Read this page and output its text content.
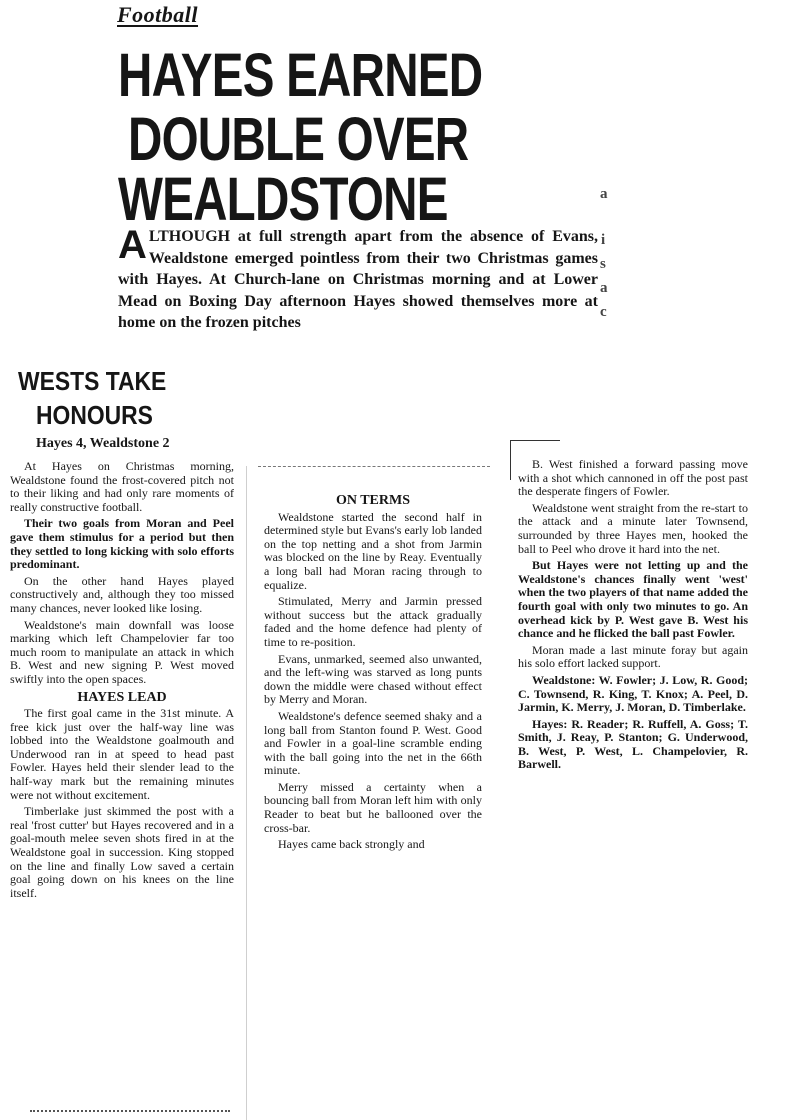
Football
HAYES EARNED
DOUBLE OVER
WEALDSTONE
ALTHOUGH at full strength apart from the absence of Evans, Wealdstone emerged pointless from their two Christmas games with Hayes. At Church-lane on Christmas morning and at Lower Mead on Boxing Day afternoon Hayes showed themselves more at home on the frozen pitches
a
i
s
a
c
WESTS TAKE
HONOURS
Hayes 4, Wealdstone 2

At Hayes on Christmas morning, Wealdstone found the frost-covered pitch not to their liking and had only rare moments of really constructive football.

Their two goals from Moran and Peel gave them stimulus for a period but then they settled to long kicking with solo efforts predominant.

On the other hand Hayes played constructively and, although they too missed many chances, never looked like losing.

Wealdstone's main downfall was loose marking which left Champelovier far too much room to manipulate an attack in which B. West and new signing P. West moved swiftly into the open spaces.

HAYES LEAD

The first goal came in the 31st minute. A free kick just over the half-way line was lobbed into the Wealdstone goalmouth and Underwood ran in at speed to head past Fowler. Hayes held their slender lead to the half-way mark but the remaining minutes were not without excitement.

Timberlake just skimmed the post with a real 'frost cutter' but Hayes recovered and in a goal-mouth melee seven shots fired in at the Wealdstone goal in succession. King stopped on the line and finally Low saved a certain goal going down on his knees on the line itself.

ON TERMS

Wealdstone started the second half in determined style but Evans's early lob landed on the top netting and a shot from Jarmin was blocked on the line by Reay. Eventually a long ball had Moran racing through to equalize.

Stimulated, Merry and Jarmin pressed without success but the attack gradually faded and the home defence had plenty of time to re-position.

Evans, unmarked, seemed also unwanted, and the left-wing was starved as long punts down the middle were chased without effect by Merry and Moran.

Wealdstone's defence seemed shaky and a long ball from Stanton found P. West. Good and Fowler in a goal-line scramble ending with the ball going into the net in the 66th minute.

Merry missed a certainty when a bouncing ball from Moran left him with only Reader to beat but he ballooned over the cross-bar.

Hayes came back strongly and

B. West finished a forward passing move with a shot which cannoned in off the post past the desperate fingers of Fowler.

Wealdstone went straight from the re-start to the attack and a minute later Townsend, surrounded by three Hayes men, hooked the ball to Peel who drove it hard into the net.

But Hayes were not letting up and the Wealdstone's chances finally went 'west' when the two players of that name added the fourth goal with only two minutes to go. An overhead kick by P. West gave B. West his chance and he flicked the ball past Fowler.

Moran made a last minute foray but again his solo effort lacked support.

Wealdstone: W. Fowler; J. Low, R. Good; C. Townsend, R. King, T. Knox; A. Peel, D. Jarmin, K. Merry, J. Moran, D. Timberlake.

Hayes: R. Reader; R. Ruffell, A. Goss; T. Smith, J. Reay, P. Stanton; G. Underwood, B. West, P. West, L. Champelovier, R. Barwell.
